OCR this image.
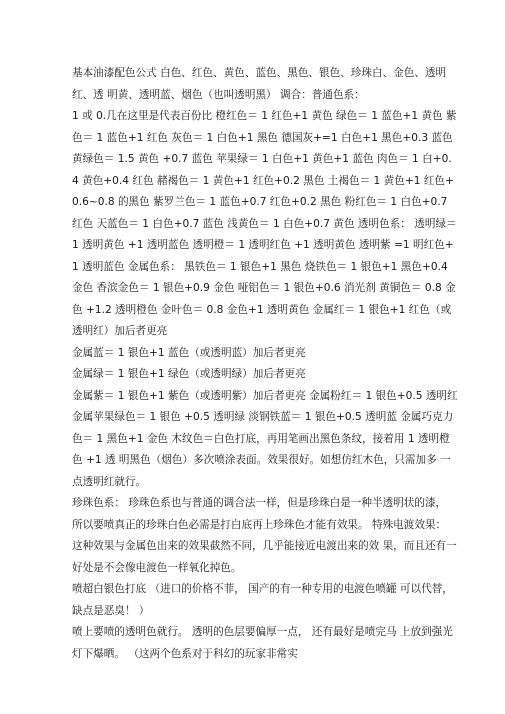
基本油漆配色公式 白色、红色、黄色、蓝色、黑色、银色、珍珠白、金色、透明红、透 明黄、透明蓝、烟色（也叫透明黑） 调合：普通色系：

1 或 0.几在这里是代表百份比 橙红色＝ 1 红色+1 黄色 绿色＝ 1 蓝色+1 黄色 紫色＝ 1 蓝色+1 红色 灰色＝ 1 白色+1 黑色 德国灰+=1 白色+1 黑色+0.3 蓝色 黄绿色＝ 1.5 黄色 +0.7 蓝色 苹果绿＝ 1 白色+1 黄色+1 蓝色 肉色＝ 1 白+0.4 黄色+0.4 红色 赭褐色＝ 1 黄色+1 红色+0.2 黑色 土褐色＝ 1 黄色+1 红色+0.6~0.8 的黑色 紫罗兰色＝ 1 蓝色+0.7 红色+0.2 黑色 粉红色＝ 1 白色+0.7 红色 天蓝色＝ 1 白色+0.7 蓝色 浅黄色＝ 1 白色+0.7 黄色 透明色系： 透明绿＝ 1 透明黄色 +1 透明蓝色 透明橙＝ 1 透明红色 +1 透明黄色 透明紫 =1 明红色+1 透明蓝色 金属色系： 黑铁色＝ 1 银色+1 黑色 烧铁色＝ 1 银色+1 黑色+0.4 金色 香滨金色＝ 1 银色+0.9 金色 哑铝色＝ 1 银色+0.6 消光剂 黄铜色＝ 0.8 金色 +1.2 透明橙色 金叶色＝ 0.8 金色+1 透明黄色 金属红＝ 1 银色+1 红色（或透明红）加后者更亮

金属蓝＝ 1 银色+1 蓝色（或透明蓝）加后者更亮

金属绿＝ 1 银色+1 绿色（或透明绿）加后者更亮

金属紫＝ 1 银色+1 紫色（或透明紫）加后者更亮 金属粉红＝ 1 银色+0.5 透明红 金属苹果绿色＝ 1 银色 +0.5 透明绿 淡钢铁蓝＝ 1 银色+0.5 透明蓝 金属巧克力色＝ 1 黑色+1 金色 木纹色＝白色打底，再用笔画出黑色条纹，接着用 1 透明橙色 +1 透 明黑色（烟色）多次喷涂表面。效果很好。如想仿红木色，只需加多 一点透明红就行。

珍珠色系： 珍珠色系也与普通的调合法一样，但是珍珠白是一种半透明状的漆， 所以要喷真正的珍珠白色必需是打白底再上珍珠色才能有效果。 特殊电渡效果： 这种效果与金属色出来的效果截然不同，几乎能接近电渡出来的效 果，而且还有一好处是不会像电渡色一样氧化掉色。

喷超白银色打底 （进口的价格不菲， 国产的有一种专用的电渡色喷罐 可以代替，缺点是恶臭！ ）

喷上要喷的透明色就行。 透明的色层要偏厚一点， 还有最好是喷完马 上放到强光灯下爆晒。 （这两个色系对于科幻的玩家非常实
